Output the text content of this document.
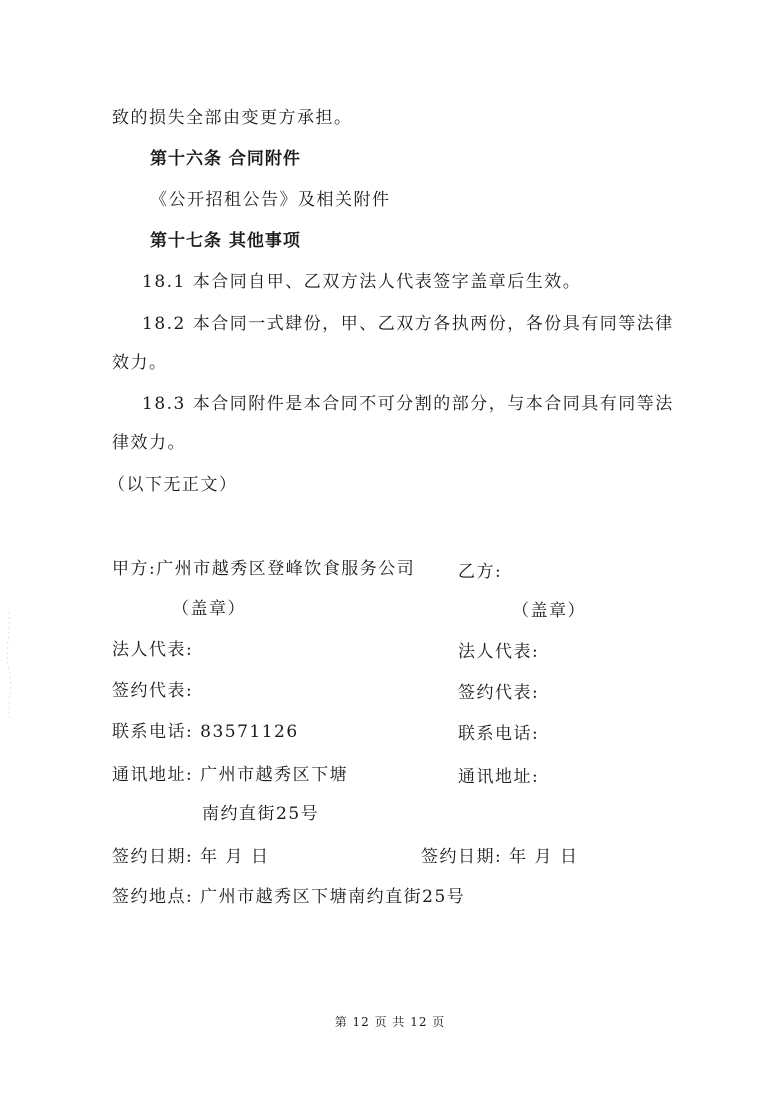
致的损失全部由变更方承担。
第十六条 合同附件
《公开招租公告》及相关附件
第十七条 其他事项
18.1 本合同自甲、乙双方法人代表签字盖章后生效。
18.2 本合同一式肆份，甲、乙双方各执两份，各份具有同等法律
效力。
18.3 本合同附件是本合同不可分割的部分，与本合同具有同等法
律效力。
（以下无正文）
甲方:广州市越秀区登峰饮食服务公司
（盖章）
法人代表:
签约代表:
联系电话: 83571126
通讯地址: 广州市越秀区下塘
南约直街25号
签约日期: 年 月 日
乙方:
（盖章）
法人代表:
签约代表:
联系电话:
通讯地址:
签约日期: 年 月 日
签约地点: 广州市越秀区下塘南约直街25号
第 12 页 共 12 页
